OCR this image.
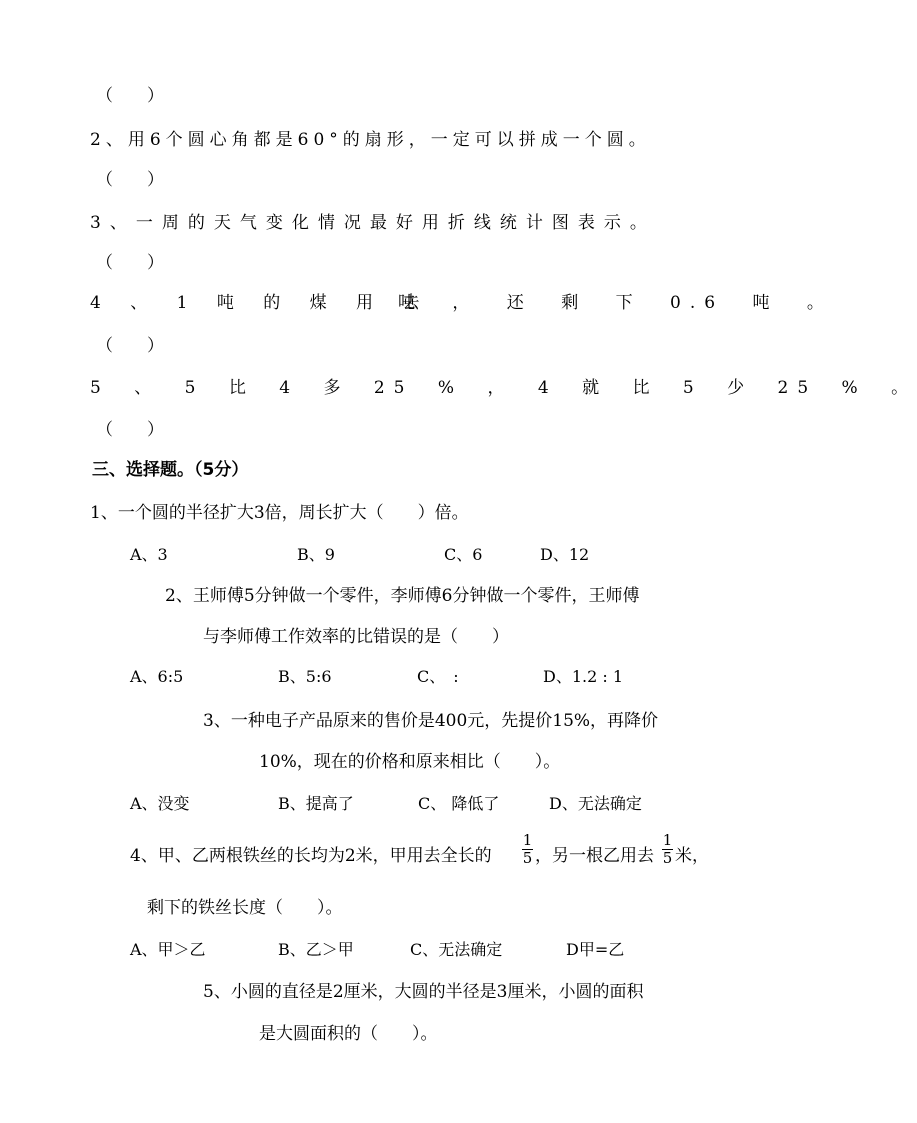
（　　）
2、用6个圆心角都是60°的扇形，一定可以拼成一个圆。
（　　）
3、一周的天气变化情况最好用折线统计图表示。
（　　）
4 、 1 吨 的 煤 用 去
吨 ， 还 剩 下 0.6 吨 。
（　　）
5 、 5 比 4 多 25 % ， 4 就 比 5 少 25 % 。
（　　）
三、选择题。（5分）
1、一个圆的半径扩大3倍，周长扩大（　　）倍。
A、3	B、9	C、6	D、12
2、王师傅5分钟做一个零件，李师傅6分钟做一个零件，王师傅
与李师傅工作效率的比错误的是（　　）
A、6:5	B、5:6	C、　:	D、1.2 : 1
3、一种电子产品原来的售价是400元，先提价15%，再降价
10%，现在的价格和原来相比（　　）。
A、没变	B、提高了	C、 降低了	D、无法确定
4、甲、乙两根铁丝的长均为2米，甲用去全长的
1
5 ，另一根乙用去
1
5 米，
剩下的铁丝长度（　　）。
A、甲＞乙	B、乙＞甲	C、无法确定	D甲=乙
5、小圆的直径是2厘米，大圆的半径是3厘米，小圆的面积
是大圆面积的（　　）。
